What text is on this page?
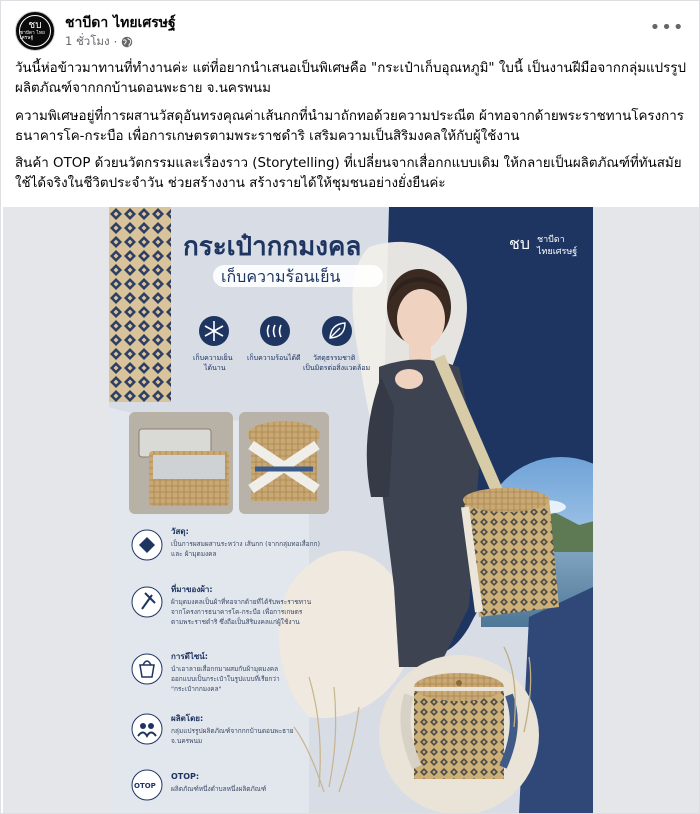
ชบ
ชาบีดา ไทยเศรษฐ์
ชาบีดา ไทยเศรษฐ์
1 ชั่วโมง ·
•••
วันนี้ห่อข้าวมาทานที่ทำงานค่ะ แต่ที่อยากนำเสนอเป็นพิเศษคือ "กระเป๋าเก็บอุณหภูมิ" ใบนี้ เป็นงานฝีมือจากกลุ่มแปรรูปผลิตภัณฑ์จากกกบ้านดอนพะธาย จ.นครพนม
ความพิเศษอยู่ที่การผสานวัสดุอันทรงคุณค่าเส้นกกที่นำมาถักทอด้วยความประณีต ผ้าทอจากด้ายพระราชทานโครงการธนาคารโค-กระบือ เพื่อการเกษตรตามพระราชดำริ เสริมความเป็นสิริมงคลให้กับผู้ใช้งาน
สินค้า OTOP ด้วยนวัตกรรมและเรื่องราว (Storytelling) ที่เปลี่ยนจากเสื่อกกแบบเดิม ให้กลายเป็นผลิตภัณฑ์ที่ทันสมัย ใช้ได้จริงในชีวิตประจำวัน ช่วยสร้างงาน สร้างรายได้ให้ชุมชนอย่างยั่งยืนค่ะ
ชบ ชาบีดา
ไทยเศรษฐ์
กระเป๋ากกมงคล
เก็บความร้อนเย็น
เก็บความเย็น
ได้นาน
เก็บความร้อนได้ดี วัสดุธรรมชาติ
เป็นมิตรต่อสิ่งแวดล้อม
วัสดุ:
เป็นการผสมผสานระหว่าง เส้นกก (จากกลุ่มทอเสื่อกก)
และ ผ้ามุดมงคล
ที่มาของผ้า:
ผ้ามุดมงคลเป็นผ้าที่ทอจากด้ายที่ได้รับพระราชทาน
จากโครงการธนาคารโค-กระบือ เพื่อการเกษตร
ตามพระราชดำริ ซึ่งถือเป็นสิริมงคลแก่ผู้ใช้งาน
การดีไซน์:
นำเอาลายเสื่อกกมาผสมกับผ้ามุดมงคล
ออกแบบเป็นกระเป๋าในรูปแบบที่เรียกว่า
"กระเป๋ากกมงคล"
ผลิตโดย:
กลุ่มแปรรูปผลิตภัณฑ์จากกกบ้านดอนพะธาย
จ.นครพนม
OTOP
OTOP:
ผลิตภัณฑ์หนึ่งตำบลหนึ่งผลิตภัณฑ์
